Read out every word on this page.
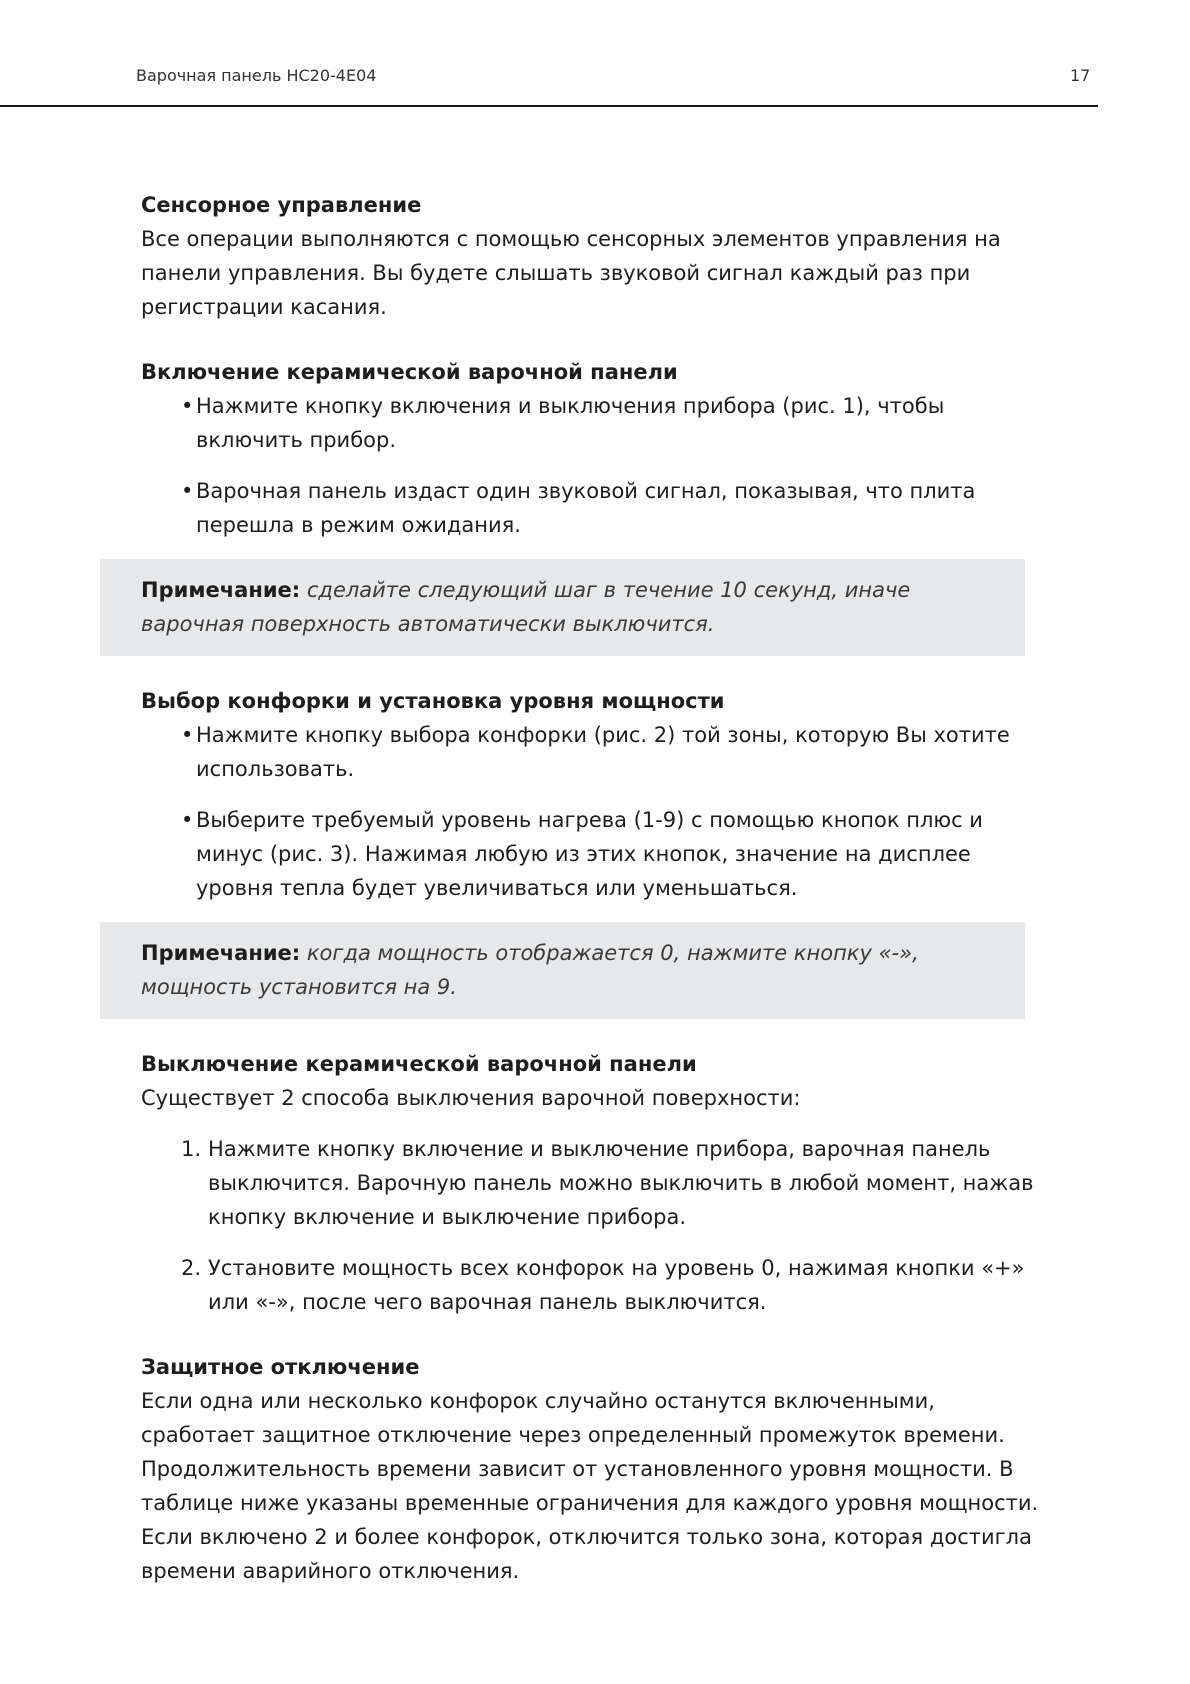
Варочная панель HC20-4E04	17

Сенсорное управление

Все операции выполняются с помощью сенсорных элементов управления на панели управления. Вы будете слышать звуковой сигнал каждый раз при регистрации касания.

Включение керамической варочной панели

• Нажмите кнопку включения и выключения прибора (рис. 1), чтобы включить прибор.
• Варочная панель издаст один звуковой сигнал, показывая, что плита перешла в режим ожидания.
Примечание: сделайте следующий шаг в течение 10 секунд, иначе варочная поверхность автоматически выключится.

Выбор конфорки и установка уровня мощности

• Нажмите кнопку выбора конфорки (рис. 2) той зоны, которую Вы хотите использовать.
• Выберите требуемый уровень нагрева (1-9) с помощью кнопок плюс и минус (рис. 3). Нажимая любую из этих кнопок, значение на дисплее уровня тепла будет увеличиваться или уменьшаться.
Примечание: когда мощность отображается 0, нажмите кнопку «-», мощность установится на 9.

Выключение керамической варочной панели

Существует 2 способа выключения варочной поверхности:

1. Нажмите кнопку включение и выключение прибора, варочная панель выключится. Варочную панель можно выключить в любой момент, нажав кнопку включение и выключение прибора.
2. Установите мощность всех конфорок на уровень 0, нажимая кнопки «+» или «-», после чего варочная панель выключится.

Защитное отключение

Если одна или несколько конфорок случайно останутся включенными, сработает защитное отключение через определенный промежуток времени. Продолжительность времени зависит от установленного уровня мощности. В таблице ниже указаны временные ограничения для каждого уровня мощности. Если включено 2 и более конфорок, отключится только зона, которая достигла времени аварийного отключения.
